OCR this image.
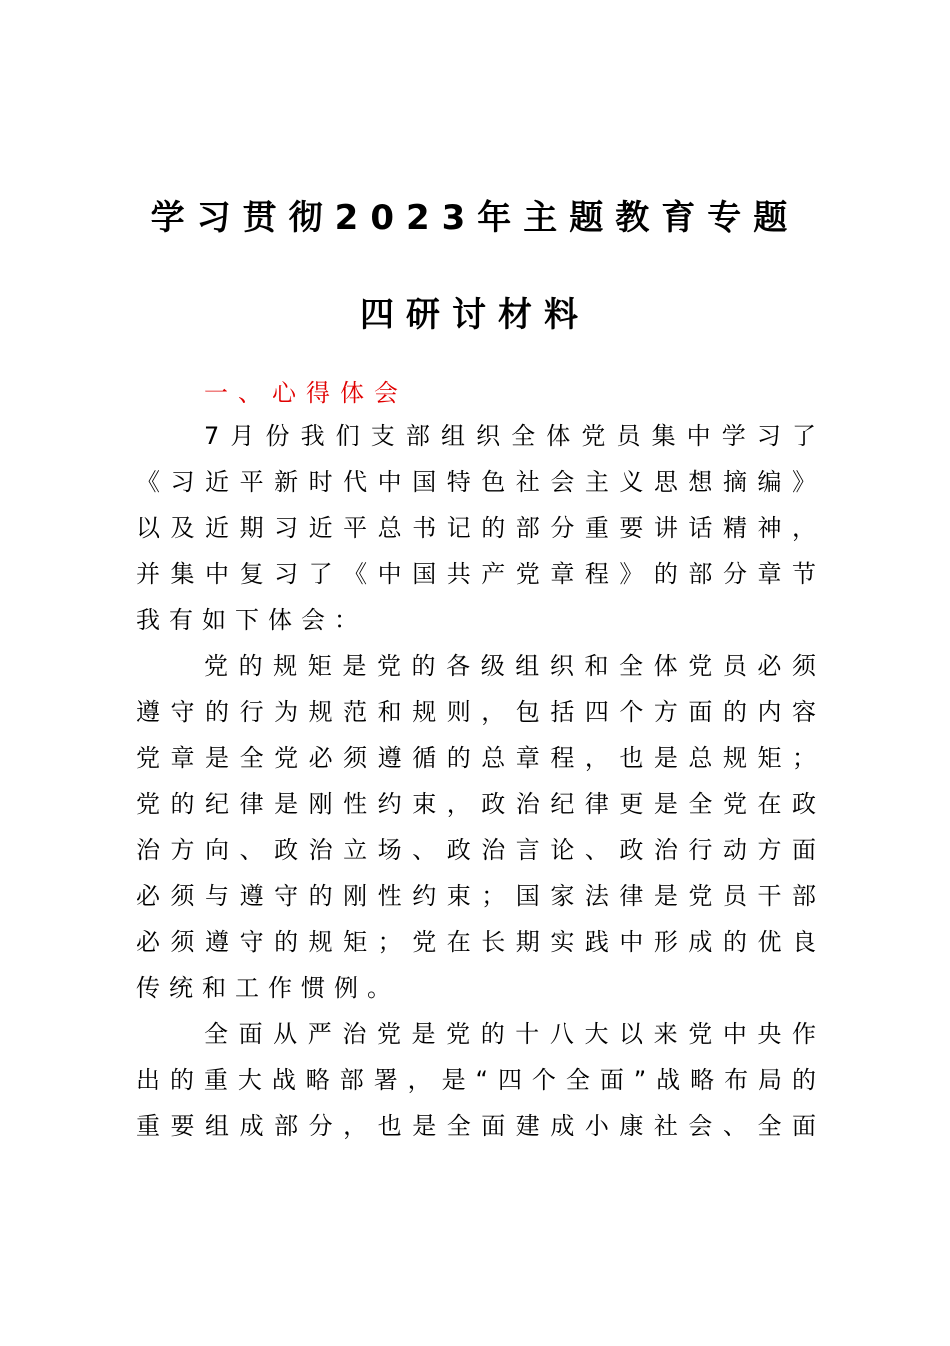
学习贯彻2023年主题教育专题
四研讨材料
一、心得体会
7月份我们支部组织全体党员集中学习了
《习近平新时代中国特色社会主义思想摘编》
以及近期习近平总书记的部分重要讲话精神，
并集中复习了《中国共产党章程》的部分章节
我有如下体会：
党的规矩是党的各级组织和全体党员必须
遵守的行为规范和规则，包括四个方面的内容
党章是全党必须遵循的总章程，也是总规矩；
党的纪律是刚性约束，政治纪律更是全党在政
治方向、政治立场、政治言论、政治行动方面
必须与遵守的刚性约束；国家法律是党员干部
必须遵守的规矩；党在长期实践中形成的优良
传统和工作惯例。
全面从严治党是党的十八大以来党中央作
出的重大战略部署，是“四个全面”战略布局的
重要组成部分，也是全面建成小康社会、全面
